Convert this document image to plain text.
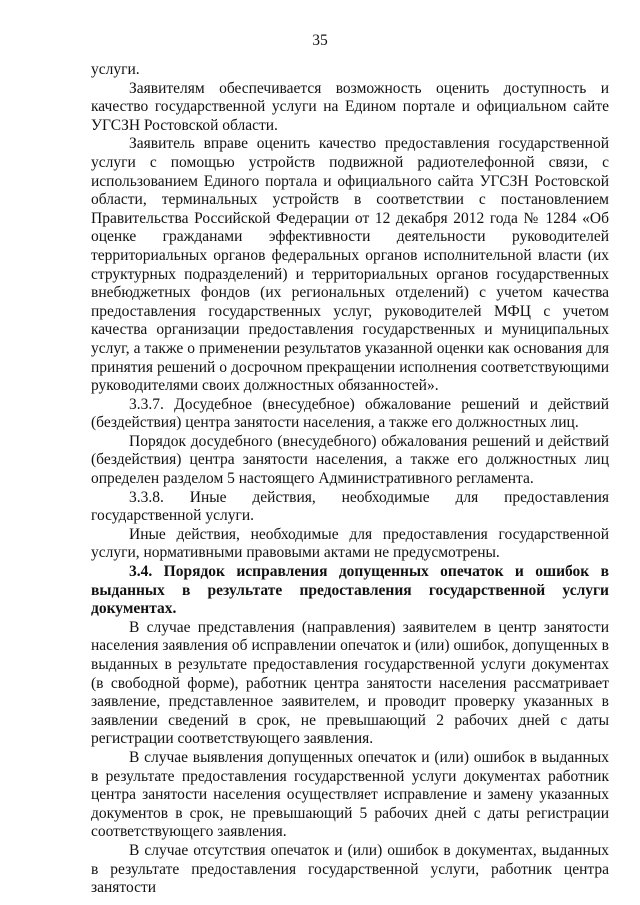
35

услуги.

Заявителям обеспечивается возможность оценить доступность и качество государственной услуги на Едином портале и официальном сайте УГСЗН Ростовской области.

Заявитель вправе оценить качество предоставления государственной услуги с помощью устройств подвижной радиотелефонной связи, с использованием Единого портала и официального сайта УГСЗН Ростовской области, терминальных устройств в соответствии с постановлением Правительства Российской Федерации от 12 декабря 2012 года № 1284 «Об оценке гражданами эффективности деятельности руководителей территориальных органов федеральных органов исполнительной власти (их структурных подразделений) и территориальных органов государственных внебюджетных фондов (их региональных отделений) с учетом качества предоставления государственных услуг, руководителей МФЦ с учетом качества организации предоставления государственных и муниципальных услуг, а также о применении результатов указанной оценки как основания для принятия решений о досрочном прекращении исполнения соответствующими руководителями своих должностных обязанностей».

3.3.7. Досудебное (внесудебное) обжалование решений и действий (бездействия) центра занятости населения, а также его должностных лиц.

Порядок досудебного (внесудебного) обжалования решений и действий (бездействия) центра занятости населения, а также его должностных лиц определен разделом 5 настоящего Административного регламента.

3.3.8. Иные действия, необходимые для предоставления государственной услуги.

Иные действия, необходимые для предоставления государственной услуги, нормативными правовыми актами не предусмотрены.

3.4. Порядок исправления допущенных опечаток и ошибок в выданных в результате предоставления государственной услуги документах.

В случае представления (направления) заявителем в центр занятости населения заявления об исправлении опечаток и (или) ошибок, допущенных в выданных в результате предоставления государственной услуги документах (в свободной форме), работник центра занятости населения рассматривает заявление, представленное заявителем, и проводит проверку указанных в заявлении сведений в срок, не превышающий 2 рабочих дней с даты регистрации соответствующего заявления.

В случае выявления допущенных опечаток и (или) ошибок в выданных в результате предоставления государственной услуги документах работник центра занятости населения осуществляет исправление и замену указанных документов в срок, не превышающий 5 рабочих дней с даты регистрации соответствующего заявления.

В случае отсутствия опечаток и (или) ошибок в документах, выданных в результате предоставления государственной услуги, работник центра занятости
